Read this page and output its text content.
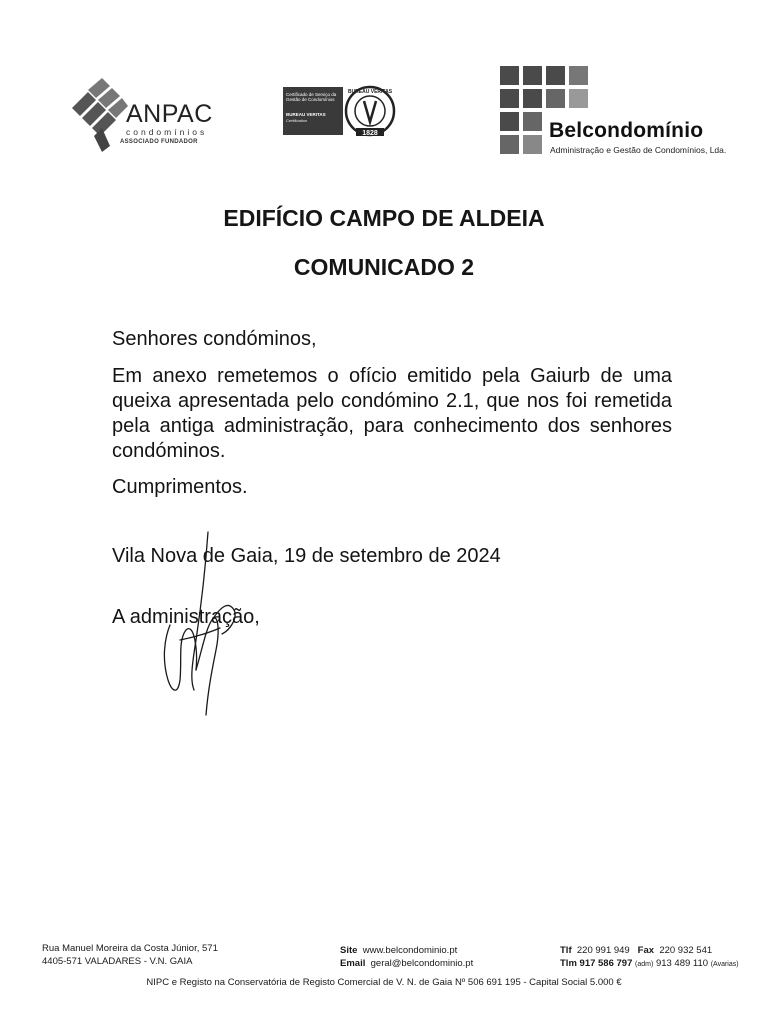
ANPAC
condomínios
ASSOCIADO FUNDADOR
Certificado de Serviço da Gestão de Condomínios
BUREAU VERITAS
Certification
1828
BUREAU VERITAS
Belcondomínio
Administração e Gestão de Condomínios, Lda.
EDIFÍCIO CAMPO DE ALDEIA
COMUNICADO 2

Senhores condóminos,

Em anexo remetemos o ofício emitido pela Gaiurb de uma queixa apresentada pelo condómino 2.1, que nos foi remetida pela antiga administração, para conhecimento dos senhores condóminos.

Cumprimentos.

Vila Nova de Gaia, 19 de setembro de 2024

A administração,

Rua Manuel Moreira da Costa Júnior, 571
4405-571 VALADARES - V.N. GAIA
Site www.belcondominio.pt
Email geral@belcondominio.pt
Tlf 220 991 949 Fax 220 932 541
Tlm 917 586 797 (adm) 913 489 110 (Avarias)
NIPC e Registo na Conservatória de Registo Comercial de V. N. de Gaia Nº 506 691 195 - Capital Social 5.000 €
